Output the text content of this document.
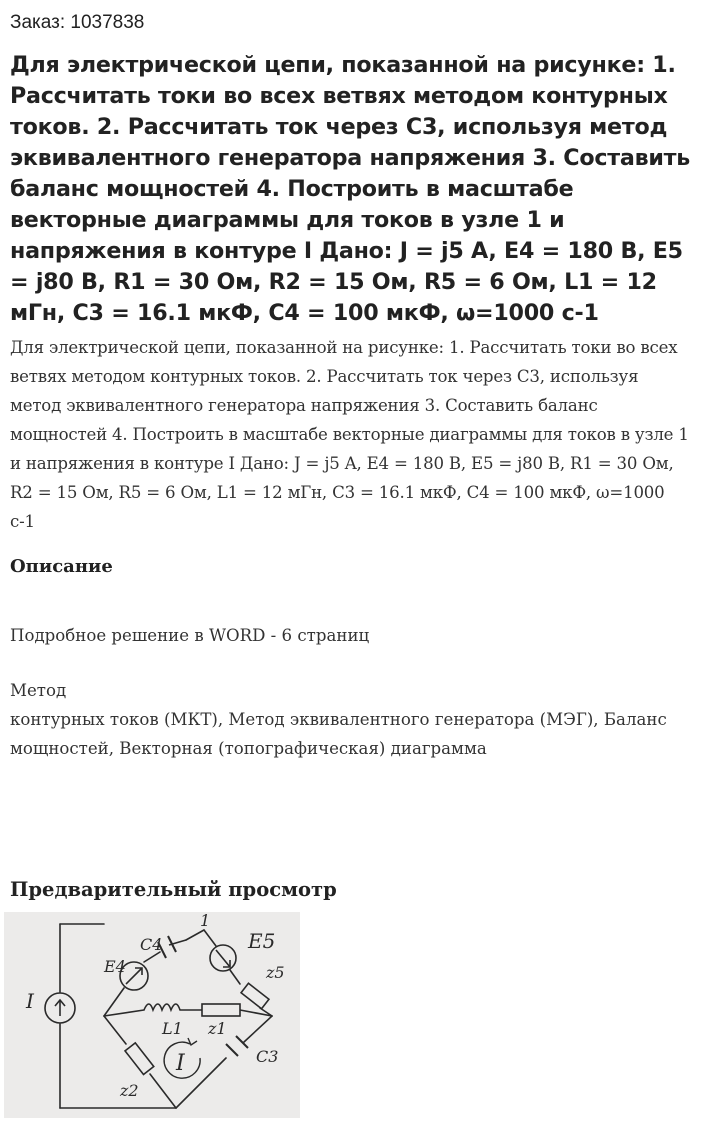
Заказ: 1037838
Для электрической цепи, показанной на рисунке: 1. Рассчитать токи во всех ветвях методом контурных токов. 2. Рассчитать ток через С3, используя метод эквивалентного генератора напряжения 3. Составить баланс мощностей 4. Построить в масштабе векторные диаграммы для токов в узле 1 и напряжения в контуре I Дано: J = j5 A, E4 = 180 В, E5 = j80 В, R1 = 30 Ом, R2 = 15 Ом, R5 = 6 Ом, L1 = 12 мГн, C3 = 16.1 мкФ, C4 = 100 мкФ, ω=1000 с-1

Для электрической цепи, показанной на рисунке: 1. Рассчитать токи во всех ветвях методом контурных токов. 2. Рассчитать ток через С3, используя метод эквивалентного генератора напряжения 3. Составить баланс мощностей 4. Построить в масштабе векторные диаграммы для токов в узле 1 и напряжения в контуре I Дано: J = j5 A, E4 = 180 В, E5 = j80 В, R1 = 30 Ом, R2 = 15 Ом, R5 = 6 Ом, L1 = 12 мГн, C3 = 16.1 мкФ, C4 = 100 мкФ, ω=1000 с-1

Описание

Подробное решение в WORD - 6 страниц

Метод

контурных токов (МКТ), Метод эквивалентного генератора (МЭГ), Баланс мощностей, Векторная (топографическая) диаграмма

Предварительный просмотр
1
C4
E4
E5
z5
I
L1 z1
I	C3
z2
